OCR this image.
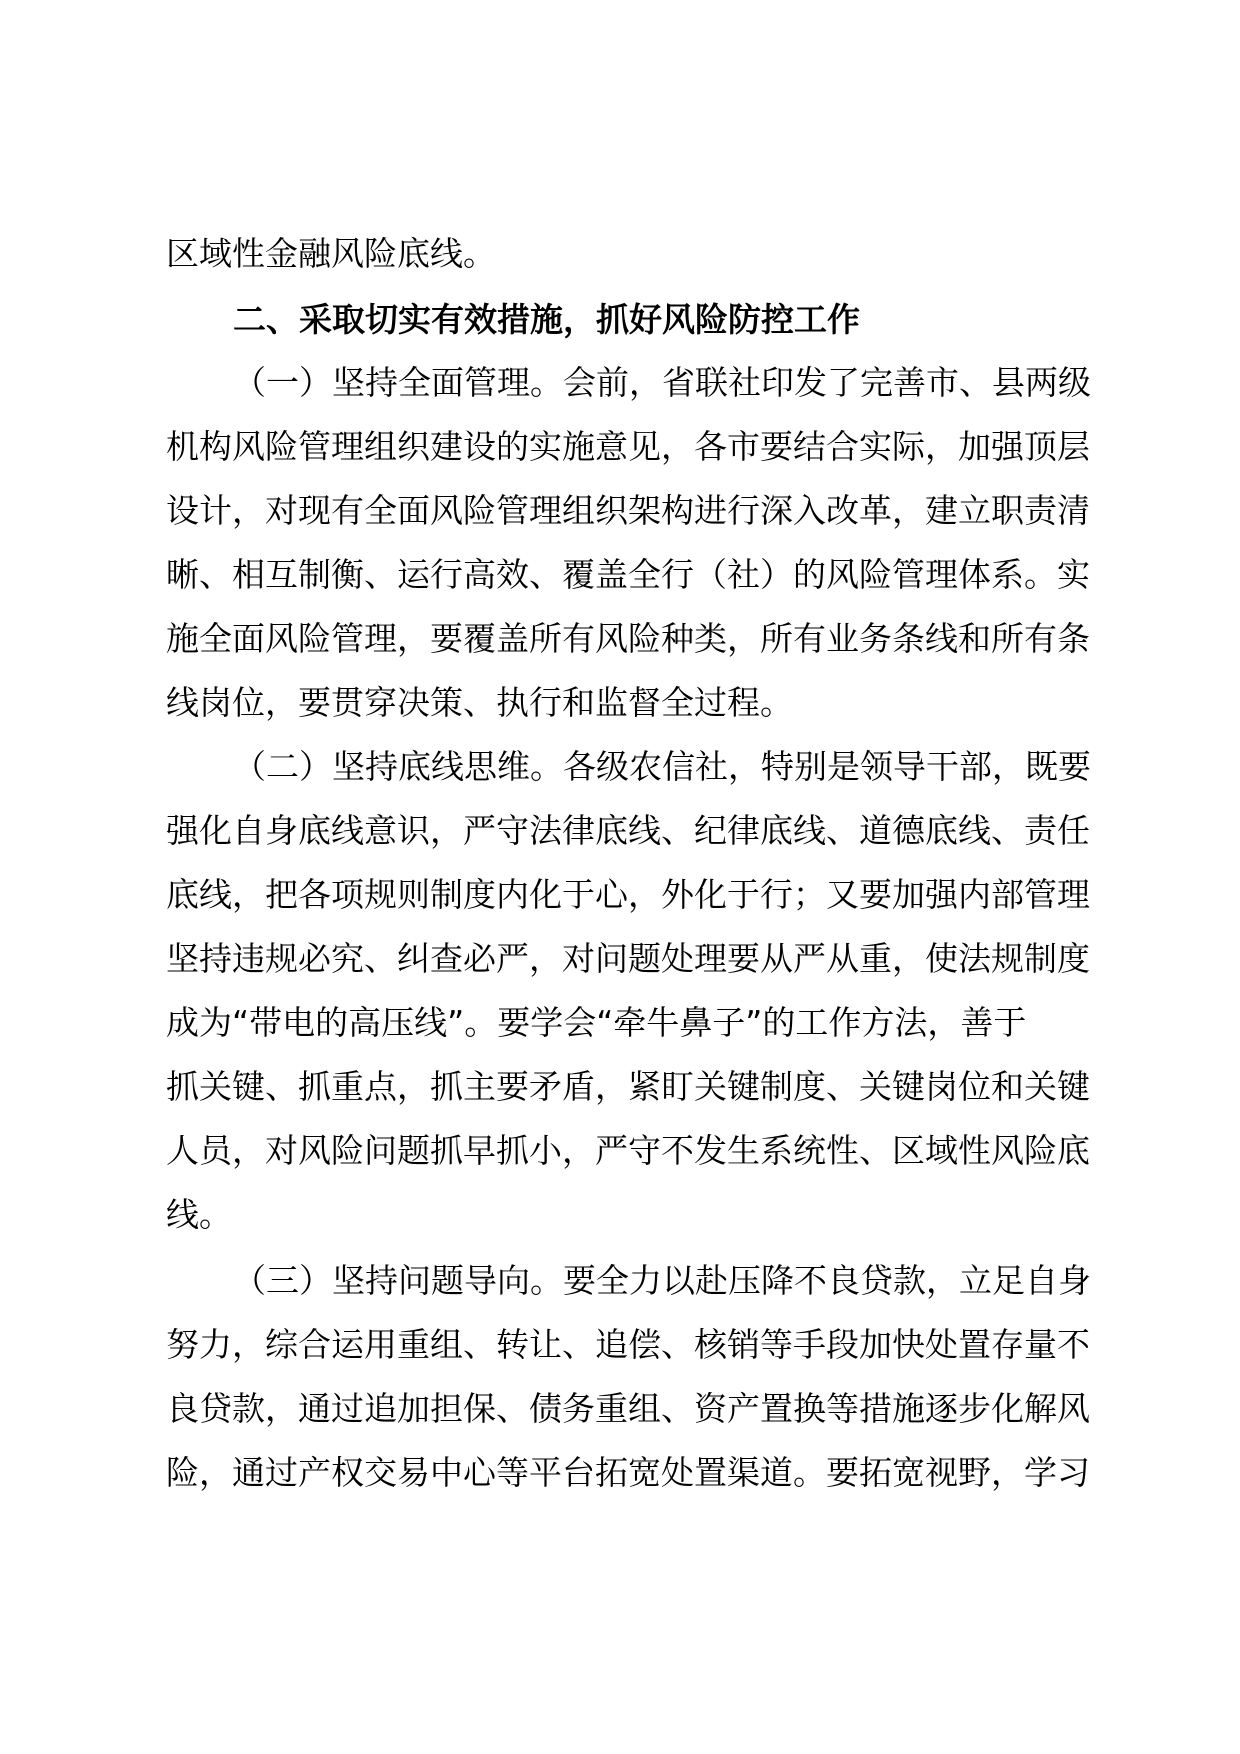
区域性金融风险底线。
二、采取切实有效措施，抓好风险防控工作
（一）坚持全面管理。会前，省联社印发了完善市、县两级
机构风险管理组织建设的实施意见，各市要结合实际，加强顶层
设计，对现有全面风险管理组织架构进行深入改革，建立职责清
晰、相互制衡、运行高效、覆盖全行（社）的风险管理体系。实
施全面风险管理，要覆盖所有风险种类，所有业务条线和所有条
线岗位，要贯穿决策、执行和监督全过程。
（二）坚持底线思维。各级农信社，特别是领导干部，既要
强化自身底线意识，严守法律底线、纪律底线、道德底线、责任
底线，把各项规则制度内化于心，外化于行；又要加强内部管理
坚持违规必究、纠查必严，对问题处理要从严从重，使法规制度
成为“带电的高压线”。要学会“牵牛鼻子”的工作方法，善于
抓关键、抓重点，抓主要矛盾，紧盯关键制度、关键岗位和关键
人员，对风险问题抓早抓小，严守不发生系统性、区域性风险底
线。
（三）坚持问题导向。要全力以赴压降不良贷款，立足自身
努力，综合运用重组、转让、追偿、核销等手段加快处置存量不
良贷款，通过追加担保、债务重组、资产置换等措施逐步化解风
险，通过产权交易中心等平台拓宽处置渠道。要拓宽视野，学习
